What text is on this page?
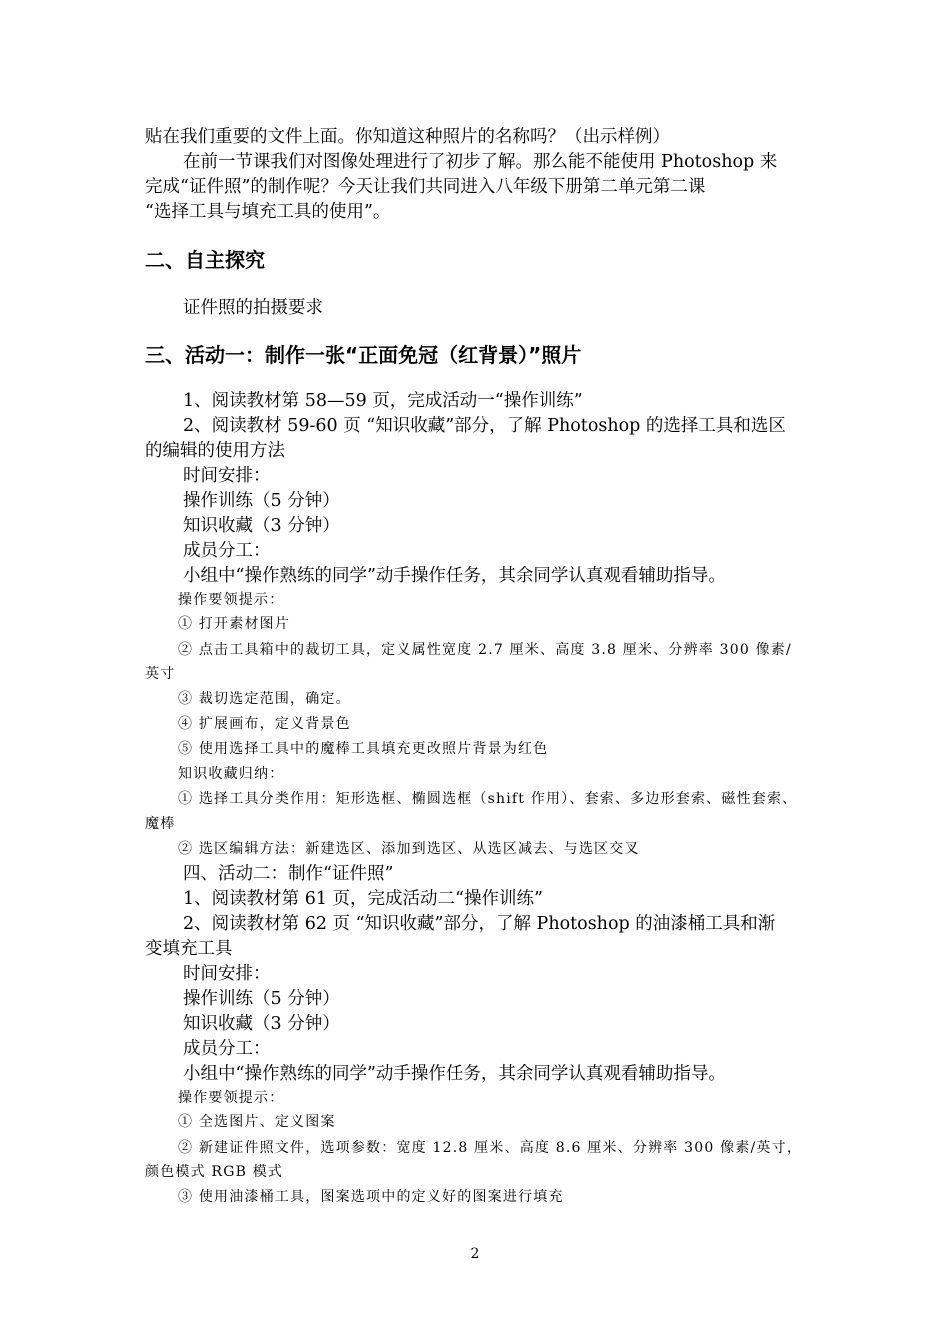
贴在我们重要的文件上面。你知道这种照片的名称吗？（出示样例）
在前一节课我们对图像处理进行了初步了解。那么能不能使用 Photoshop 来
完成“证件照”的制作呢？今天让我们共同进入八年级下册第二单元第二课
“选择工具与填充工具的使用”。
二、自主探究
证件照的拍摄要求
三、活动一：制作一张“正面免冠（红背景）”照片
1、阅读教材第 58—59 页，完成活动一“操作训练”
2、阅读教材 59-60 页 “知识收藏”部分，了解 Photoshop 的选择工具和选区
的编辑的使用方法
时间安排：
操作训练（5 分钟）
知识收藏（3 分钟）
成员分工：
小组中“操作熟练的同学”动手操作任务，其余同学认真观看辅助指导。
操作要领提示：
① 打开素材图片
② 点击工具箱中的裁切工具，定义属性宽度 2.7 厘米、高度 3.8 厘米、分辨率 300 像素/
英寸
③ 裁切选定范围，确定。
④ 扩展画布，定义背景色
⑤ 使用选择工具中的魔棒工具填充更改照片背景为红色
知识收藏归纳：
① 选择工具分类作用：矩形选框、椭圆选框（shift 作用）、套索、多边形套索、磁性套索、
魔棒
② 选区编辑方法：新建选区、添加到选区、从选区减去、与选区交叉
四、活动二：制作“证件照”
1、阅读教材第 61 页，完成活动二“操作训练”
2、阅读教材第 62 页 “知识收藏”部分，了解 Photoshop 的油漆桶工具和渐
变填充工具
时间安排：
操作训练（5 分钟）
知识收藏（3 分钟）
成员分工：
小组中“操作熟练的同学”动手操作任务，其余同学认真观看辅助指导。
操作要领提示：
① 全选图片、定义图案
② 新建证件照文件，选项参数：宽度 12.8 厘米、高度 8.6 厘米、分辨率 300 像素/英寸，
颜色模式 RGB 模式
③ 使用油漆桶工具，图案选项中的定义好的图案进行填充
2
